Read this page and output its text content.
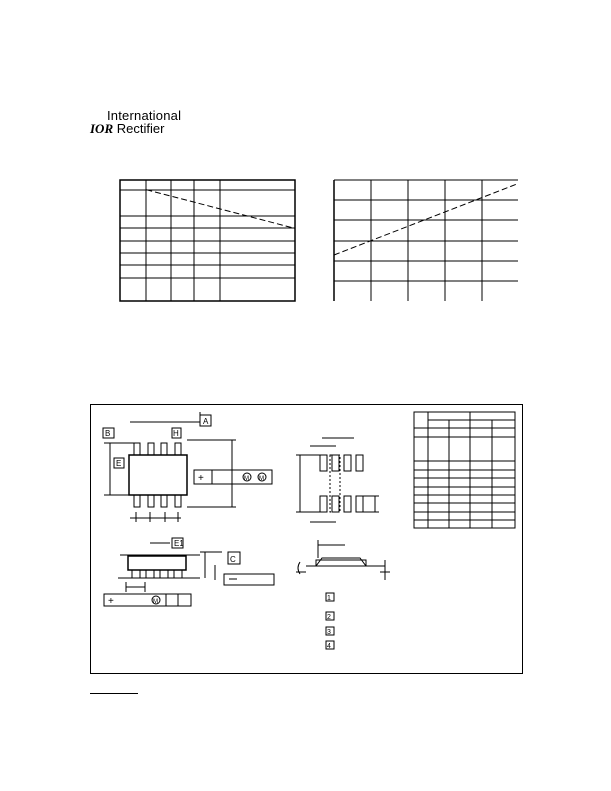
International
IOR Rectifier
A
B
E
H
+	M M
E1
C
+	M	1
2
3
4
